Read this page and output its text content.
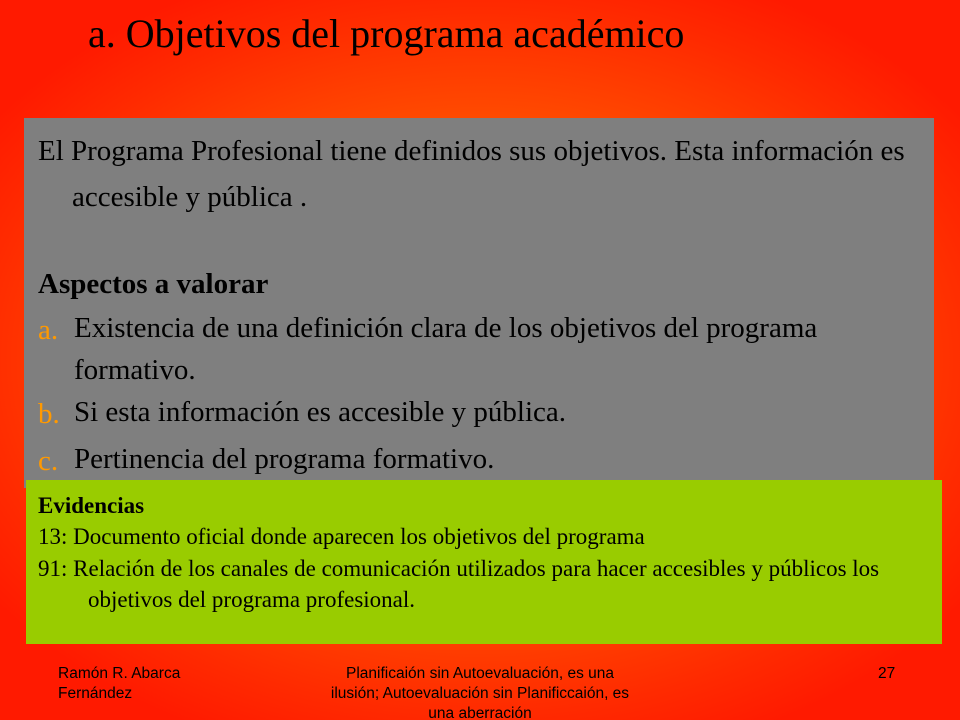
a. Objetivos del programa académico

El Programa Profesional tiene definidos sus objetivos. Esta información es accesible y pública .

Aspectos a valorar

a. Existencia de una definición clara de los objetivos del programa formativo.
b. Si esta información es accesible y pública.
c. Pertinencia del programa formativo.

Evidencias

13: Documento oficial donde aparecen los objetivos del programa

91: Relación de los canales de comunicación utilizados para hacer accesibles y públicos los objetivos del programa profesional.

Ramón R. Abarca Fernández
Planificaión sin Autoevaluación, es una ilusión; Autoevaluación sin Planificcaión, es una aberración
27
